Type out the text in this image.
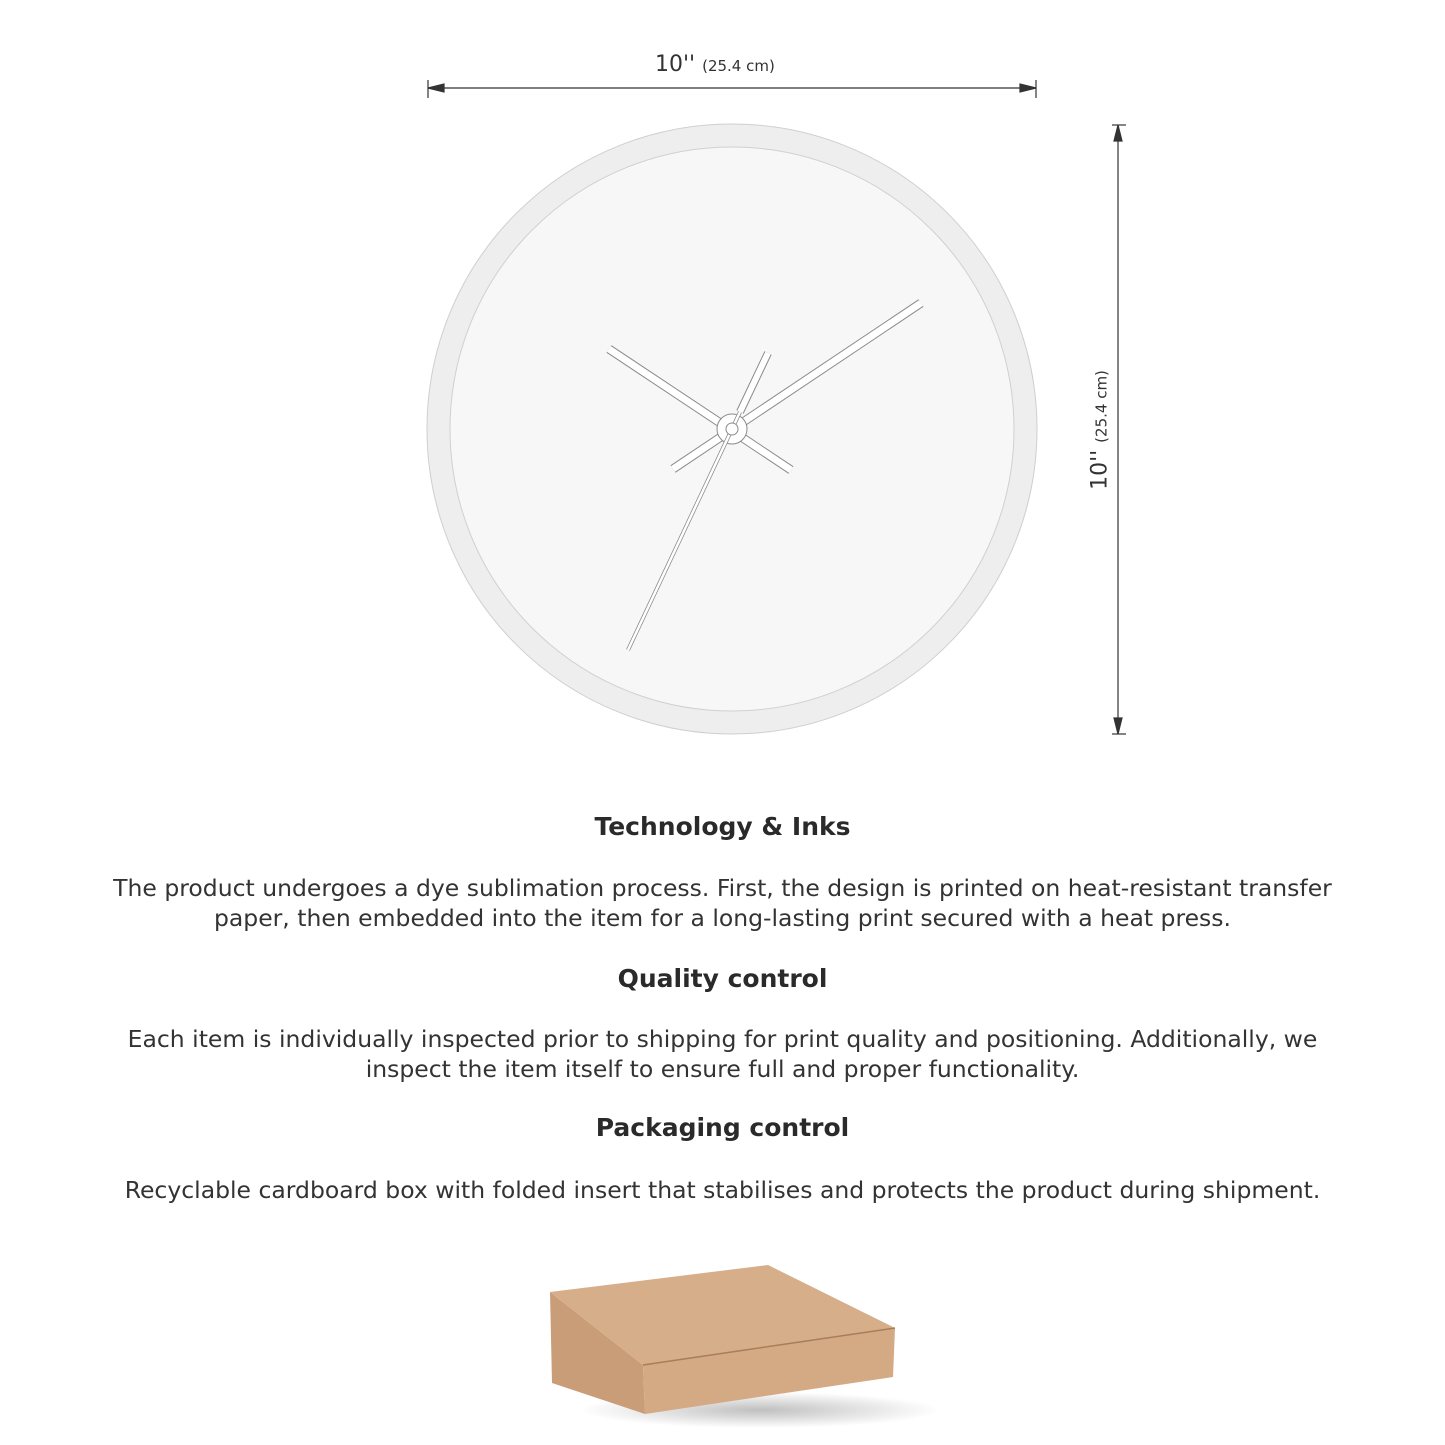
10'' (25.4 cm)
10'' (25.4 cm)
Technology & Inks

The product undergoes a dye sublimation process. First, the design is printed on heat-resistant transfer

paper, then embedded into the item for a long-lasting print secured with a heat press.

Quality control

Each item is individually inspected prior to shipping for print quality and positioning. Additionally, we

inspect the item itself to ensure full and proper functionality.

Packaging control

Recyclable cardboard box with folded insert that stabilises and protects the product during shipment.
